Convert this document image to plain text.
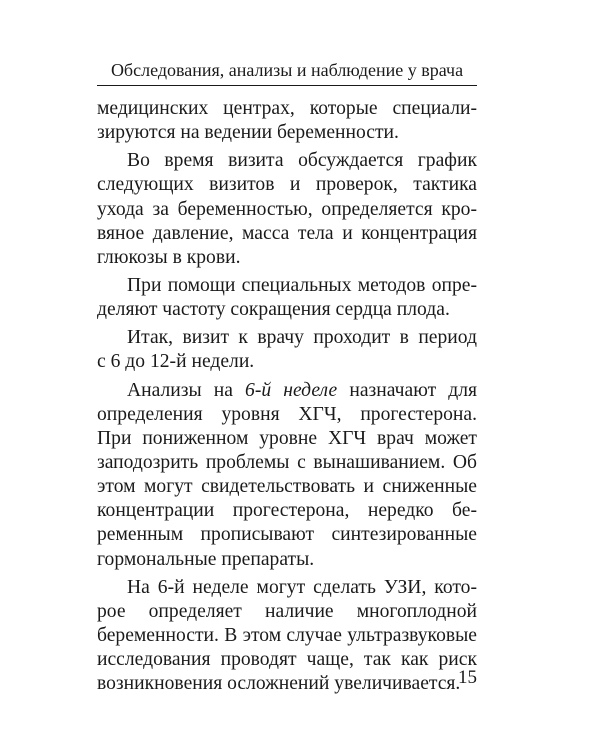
Обследования, анализы и наблюдение у врача
медицинских центрах, которые специали-
зируются на ведении беременности.
Во время визита обсуждается график
следующих визитов и проверок, тактика
ухода за беременностью, определяется кро-
вяное давление, масса тела и концентрация
глюкозы в крови.
При помощи специальных методов опре-
деляют частоту сокращения сердца плода.
Итак, визит к врачу проходит в период
с 6 до 12-й недели.
Анализы на 6-й неделе назначают для
определения уровня ХГЧ, прогестерона.
При пониженном уровне ХГЧ врач может
заподозрить проблемы с вынашиванием. Об
этом могут свидетельствовать и сниженные
концентрации прогестерона, нередко бе-
ременным прописывают синтезированные
гормональные препараты.
На 6-й неделе могут сделать УЗИ, кото-
рое определяет наличие многоплодной
беременности. В этом случае ультразвуковые
исследования проводят чаще, так как риск
возникновения осложнений увеличивается.
15
